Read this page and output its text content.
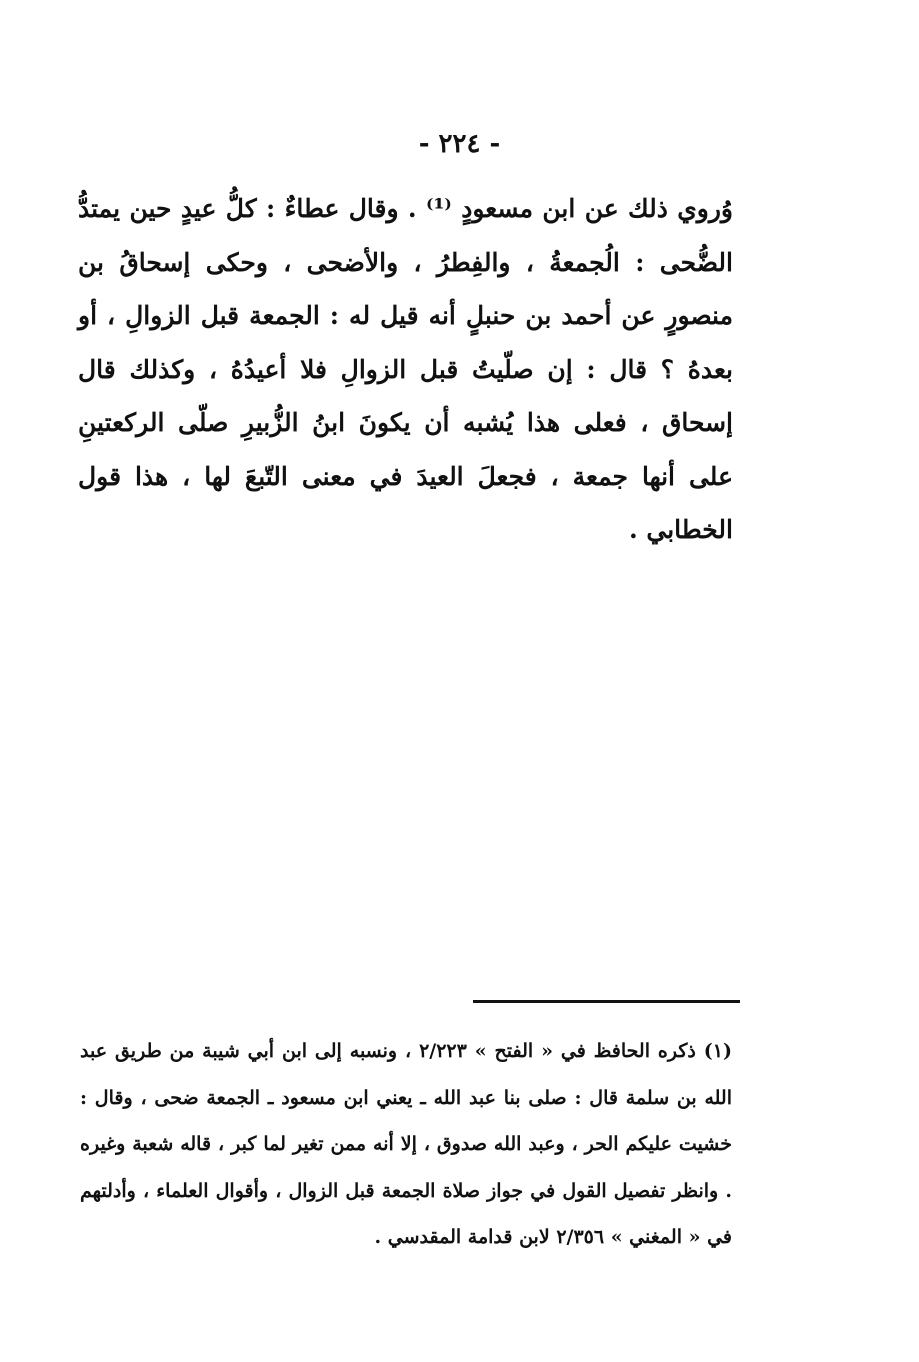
- ٢٢٤ -

وُروي ذلك عن ابن مسعودٍ ⁽¹⁾ . وقال عطاءٌ : كلُّ عيدٍ حين يمتدُّ الضُّحى : الُجمعةُ ، والفِطرُ ، والأضحى ، وحكى إسحاقُ بن منصورٍ عن أحمد بن حنبلٍ أنه قيل له : الجمعة قبل الزوالِ ، أو بعدهُ ؟ قال : إن صلّيتُ قبل الزوالِ فلا أعيدُهُ ، وكذلك قال إسحاق ، فعلى هذا يُشبه أن يكونَ ابنُ الزُّبيرِ صلّى الركعتينِ على أنها جمعة ، فجعلَ العيدَ في معنى التّبعَ لها ، هذا قول الخطابي .

(١) ذكره الحافظ في « الفتح » ٢/٢٢٣ ، ونسبه إلى ابن أبي شيبة من طريق عبد الله بن سلمة قال : صلى بنا عبد الله ـ يعني ابن مسعود ـ الجمعة ضحى ، وقال : خشيت عليكم الحر ، وعبد الله صدوق ، إلا أنه ممن تغير لما كبر ، قاله شعبة وغيره . وانظر تفصيل القول في جواز صلاة الجمعة قبل الزوال ، وأقوال العلماء ، وأدلتهم في « المغني » ٢/٣٥٦ لابن قدامة المقدسي .
